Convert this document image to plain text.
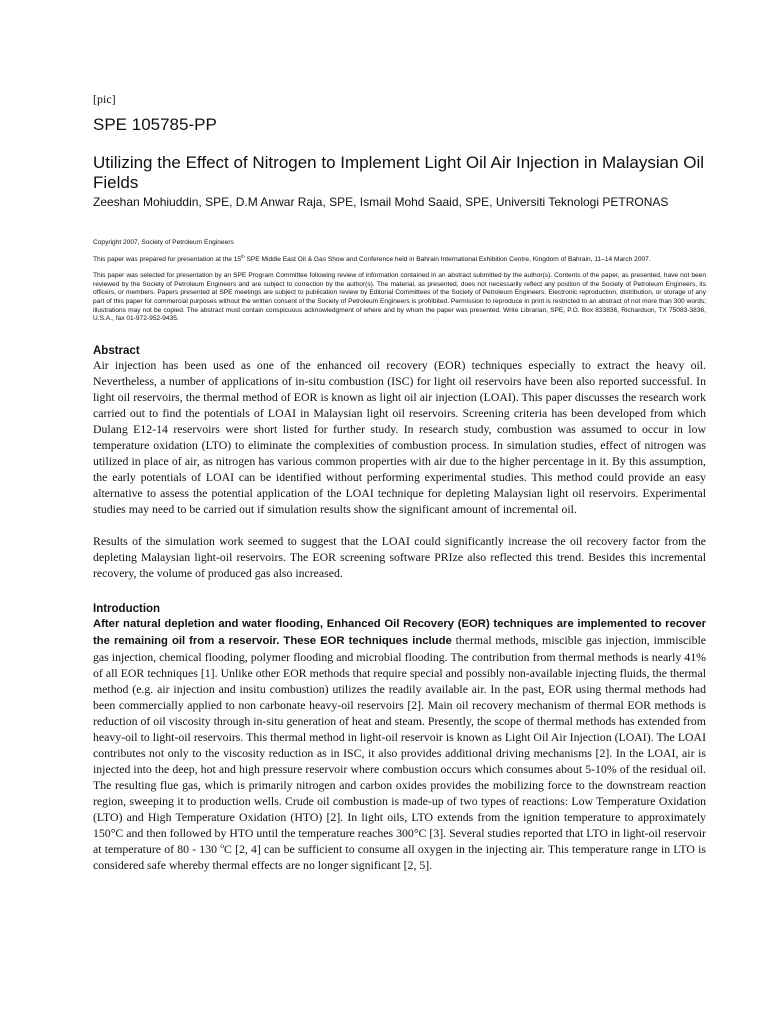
[pic]
SPE 105785-PP
Utilizing the Effect of Nitrogen to Implement Light Oil Air Injection in Malaysian Oil Fields
Zeeshan Mohiuddin, SPE, D.M Anwar Raja, SPE, Ismail Mohd Saaid, SPE, Universiti Teknologi PETRONAS

Copyright 2007, Society of Petroleum Engineers

This paper was prepared for presentation at the 15th SPE Middle East Oil & Gas Show and Conference held in Bahrain International Exhibition Centre, Kingdom of Bahrain, 11–14 March 2007.

This paper was selected for presentation by an SPE Program Committee following review of information contained in an abstract submitted by the author(s). Contents of the paper, as presented, have not been reviewed by the Society of Petroleum Engineers and are subject to correction by the author(s). The material, as presented, does not necessarily reflect any position of the Society of Petroleum Engineers, its officers, or members. Papers presented at SPE meetings are subject to publication review by Editorial Committees of the Society of Petroleum Engineers. Electronic reproduction, distribution, or storage of any part of this paper for commercial purposes without the written consent of the Society of Petroleum Engineers is prohibited. Permission to reproduce in print is restricted to an abstract of not more than 300 words; illustrations may not be copied. The abstract must contain conspicuous acknowledgment of where and by whom the paper was presented. Write Librarian, SPE, P.O. Box 833836, Richardson, TX 75083-3836, U.S.A., fax 01-972-952-9435.

Abstract

Air injection has been used as one of the enhanced oil recovery (EOR) techniques especially to extract the heavy oil. Nevertheless, a number of applications of in-situ combustion (ISC) for light oil reservoirs have been also reported successful. In light oil reservoirs, the thermal method of EOR is known as light oil air injection (LOAI). This paper discusses the research work carried out to find the potentials of LOAI in Malaysian light oil reservoirs. Screening criteria has been developed from which Dulang E12-14 reservoirs were short listed for further study. In research study, combustion was assumed to occur in low temperature oxidation (LTO) to eliminate the complexities of combustion process. In simulation studies, effect of nitrogen was utilized in place of air, as nitrogen has various common properties with air due to the higher percentage in it. By this assumption, the early potentials of LOAI can be identified without performing experimental studies. This method could provide an easy alternative to assess the potential application of the LOAI technique for depleting Malaysian light oil reservoirs. Experimental studies may need to be carried out if simulation results show the significant amount of incremental oil.

Results of the simulation work seemed to suggest that the LOAI could significantly increase the oil recovery factor from the depleting Malaysian light-oil reservoirs. The EOR screening software PRIze also reflected this trend. Besides this incremental recovery, the volume of produced gas also increased.

Introduction

After natural depletion and water flooding, Enhanced Oil Recovery (EOR) techniques are implemented to recover the remaining oil from a reservoir. These EOR techniques include thermal methods, miscible gas injection, immiscible gas injection, chemical flooding, polymer flooding and microbial flooding. The contribution from thermal methods is nearly 41% of all EOR techniques [1]. Unlike other EOR methods that require special and possibly non-available injecting fluids, the thermal method (e.g. air injection and insitu combustion) utilizes the readily available air. In the past, EOR using thermal methods had been commercially applied to non carbonate heavy-oil reservoirs [2]. Main oil recovery mechanism of thermal EOR methods is reduction of oil viscosity through in-situ generation of heat and steam. Presently, the scope of thermal methods has extended from heavy-oil to light-oil reservoirs. This thermal method in light-oil reservoir is known as Light Oil Air Injection (LOAI). The LOAI contributes not only to the viscosity reduction as in ISC, it also provides additional driving mechanisms [2]. In the LOAI, air is injected into the deep, hot and high pressure reservoir where combustion occurs which consumes about 5-10% of the residual oil. The resulting flue gas, which is primarily nitrogen and carbon oxides provides the mobilizing force to the downstream reaction region, sweeping it to production wells. Crude oil combustion is made-up of two types of reactions: Low Temperature Oxidation (LTO) and High Temperature Oxidation (HTO) [2]. In light oils, LTO extends from the ignition temperature to approximately 150°C and then followed by HTO until the temperature reaches 300°C [3]. Several studies reported that LTO in light-oil reservoir at temperature of 80 - 130 $^o$C [2, 4] can be sufficient to consume all oxygen in the injecting air. This temperature range in LTO is considered safe whereby thermal effects are no longer significant [2, 5].
